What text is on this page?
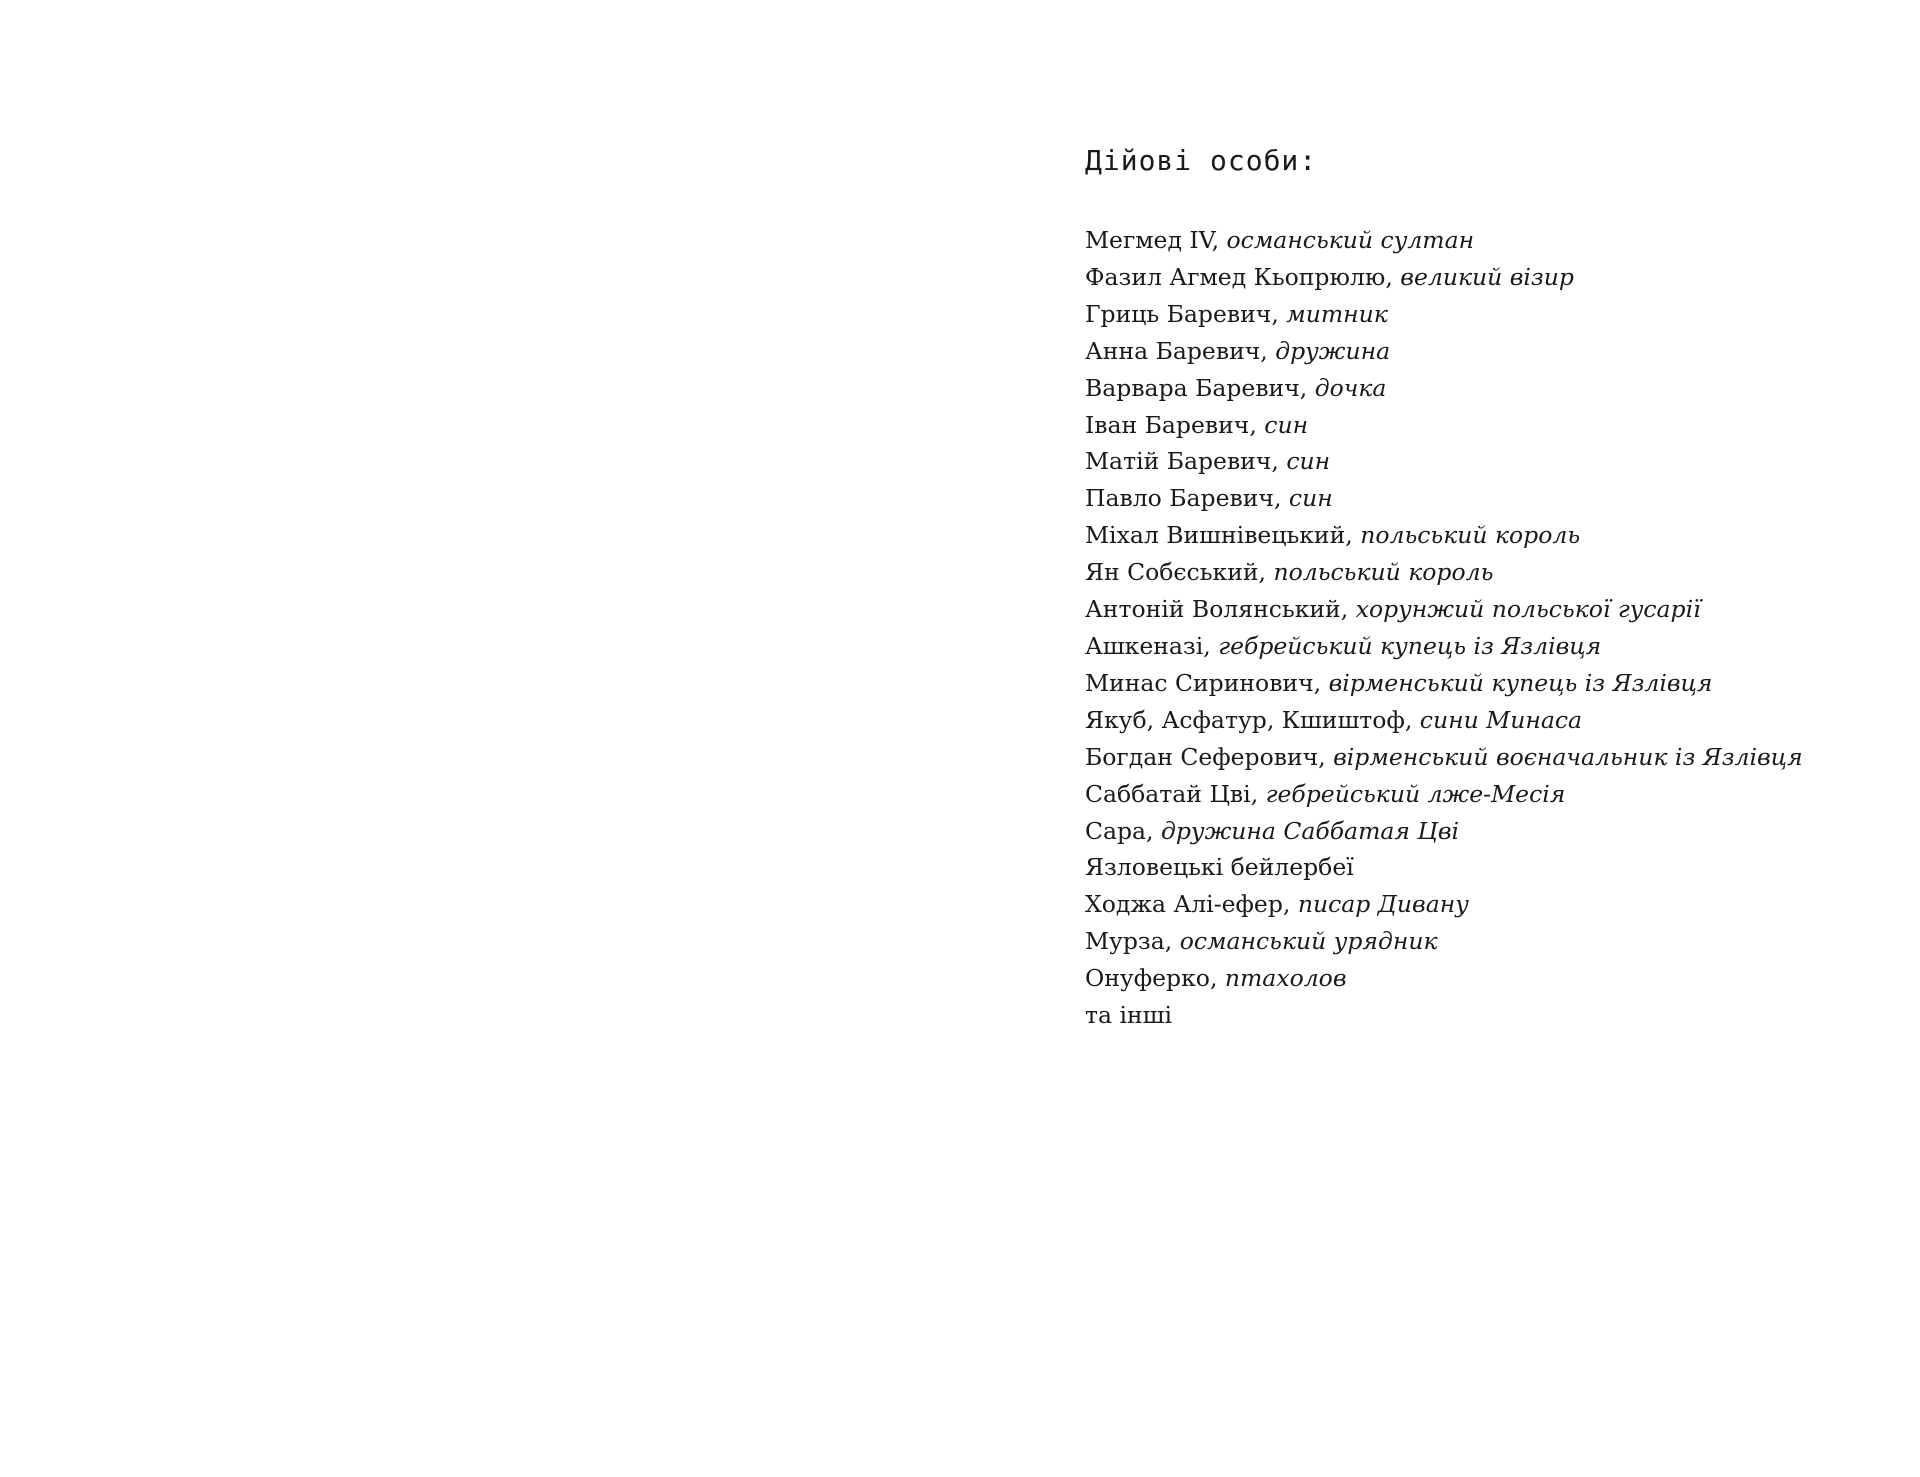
Дійові особи:
Мегмед IV, османський султан
Фазил Агмед Кьопрюлю, великий візир
Гриць Баревич, митник
Анна Баревич, дружина
Варвара Баревич, дочка
Іван Баревич, син
Матій Баревич, син
Павло Баревич, син
Міхал Вишнівецький, польський король
Ян Собєський, польський король
Антоній Волянський, хорунжий польської гусарії
Ашкеназі, гебрейський купець із Язлівця
Минас Сиринович, вірменський купець із Язлівця
Якуб, Асфатур, Кшиштоф, сини Минаса
Богдан Сеферович, вірменський воєначальник із Язлівця
Саббатай Цві, гебрейський лже-Месія
Сара, дружина Саббатая Цві
Язловецькі бейлербеї
Ходжа Алі-ефер, писар Дивану
Мурза, османський урядник
Онуферко, птахолов
та інші
